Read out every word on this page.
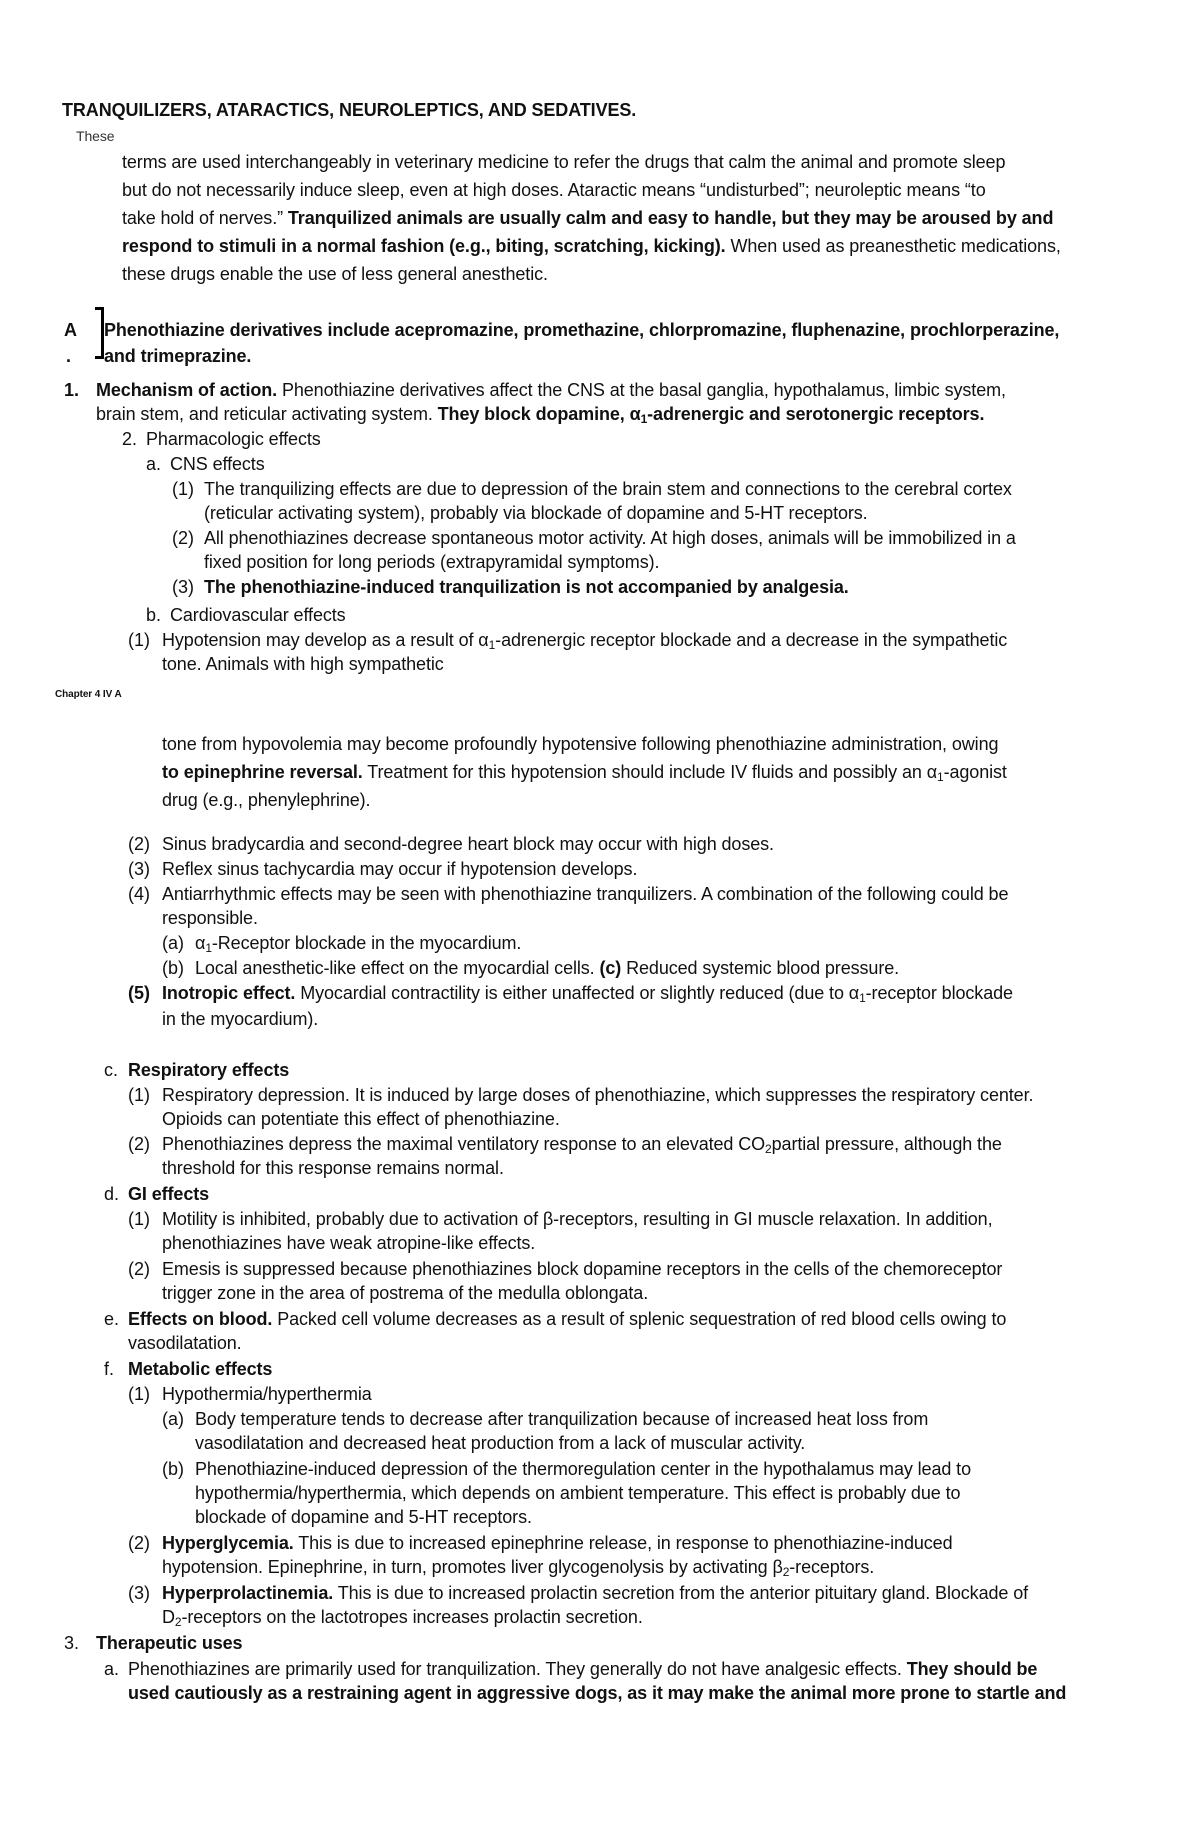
TRANQUILIZERS, ATARACTICS, NEUROLEPTICS, AND SEDATIVES.
These
terms are used interchangeably in veterinary medicine to refer the drugs that calm the animal and promote sleep
but do not necessarily induce sleep, even at high doses. Ataractic means “undisturbed”; neuroleptic means “to
take hold of nerves.” Tranquilized animals are usually calm and easy to handle, but they may be aroused by and
respond to stimuli in a normal fashion (e.g., biting, scratching, kicking). When used as preanesthetic medications,
these drugs enable the use of less general anesthetic.
A
.
Phenothiazine derivatives include acepromazine, promethazine, chlorpromazine, fluphenazine, prochlorperazine,
and trimeprazine.
1. Mechanism of action. Phenothiazine derivatives affect the CNS at the basal ganglia, hypothalamus, limbic system,
brain stem, and reticular activating system. They block dopamine, $\alpha_1$-adrenergic and serotonergic receptors.
2. Pharmacologic effects
a. CNS effects
(1) The tranquilizing effects are due to depression of the brain stem and connections to the cerebral cortex
(reticular activating system), probably via blockade of dopamine and 5-HT receptors.
(2) All phenothiazines decrease spontaneous motor activity. At high doses, animals will be immobilized in a
fixed position for long periods (extrapyramidal symptoms).
(3) The phenothiazine-induced tranquilization is not accompanied by analgesia.
b. Cardiovascular effects
(1) Hypotension may develop as a result of $\alpha_1$-adrenergic receptor blockade and a decrease in the sympathetic
tone. Animals with high sympathetic
Chapter 4 IV A
tone from hypovolemia may become profoundly hypotensive following phenothiazine administration, owing
to epinephrine reversal. Treatment for this hypotension should include IV fluids and possibly an $\alpha_1$-agonist
drug (e.g., phenylephrine).
(2) Sinus bradycardia and second-degree heart block may occur with high doses.
(3) Reflex sinus tachycardia may occur if hypotension develops.
(4) Antiarrhythmic effects may be seen with phenothiazine tranquilizers. A combination of the following could be
responsible.
(a) $\alpha_1$-Receptor blockade in the myocardium.
(b) Local anesthetic-like effect on the myocardial cells. (c) Reduced systemic blood pressure.
(5) Inotropic effect. Myocardial contractility is either unaffected or slightly reduced (due to $\alpha_1$-receptor blockade
in the myocardium).
c. Respiratory effects
(1) Respiratory depression. It is induced by large doses of phenothiazine, which suppresses the respiratory center.
Opioids can potentiate this effect of phenothiazine.
(2) Phenothiazines depress the maximal ventilatory response to an elevated $CO_2partial$ pressure, although the
threshold for this response remains normal.
d. GI effects
(1) Motility is inhibited, probably due to activation of β-receptors, resulting in GI muscle relaxation. In addition,
phenothiazines have weak atropine-like effects.
(2) Emesis is suppressed because phenothiazines block dopamine receptors in the cells of the chemoreceptor
trigger zone in the area of postrema of the medulla oblongata.
e. Effects on blood. Packed cell volume decreases as a result of splenic sequestration of red blood cells owing to
vasodilatation.
f. Metabolic effects
(1) Hypothermia/hyperthermia
(a) Body temperature tends to decrease after tranquilization because of increased heat loss from
vasodilatation and decreased heat production from a lack of muscular activity.
(b) Phenothiazine-induced depression of the thermoregulation center in the hypothalamus may lead to
hypothermia/hyperthermia, which depends on ambient temperature. This effect is probably due to
blockade of dopamine and 5-HT receptors.
(2) Hyperglycemia. This is due to increased epinephrine release, in response to phenothiazine-induced
hypotension. Epinephrine, in turn, promotes liver glycogenolysis by activating $\beta_2$-receptors.
(3) Hyperprolactinemia. This is due to increased prolactin secretion from the anterior pituitary gland. Blockade of
$D_2$-receptors on the lactotropes increases prolactin secretion.
3. Therapeutic uses
a. Phenothiazines are primarily used for tranquilization. They generally do not have analgesic effects. They should be
used cautiously as a restraining agent in aggressive dogs, as it may make the animal more prone to startle and
